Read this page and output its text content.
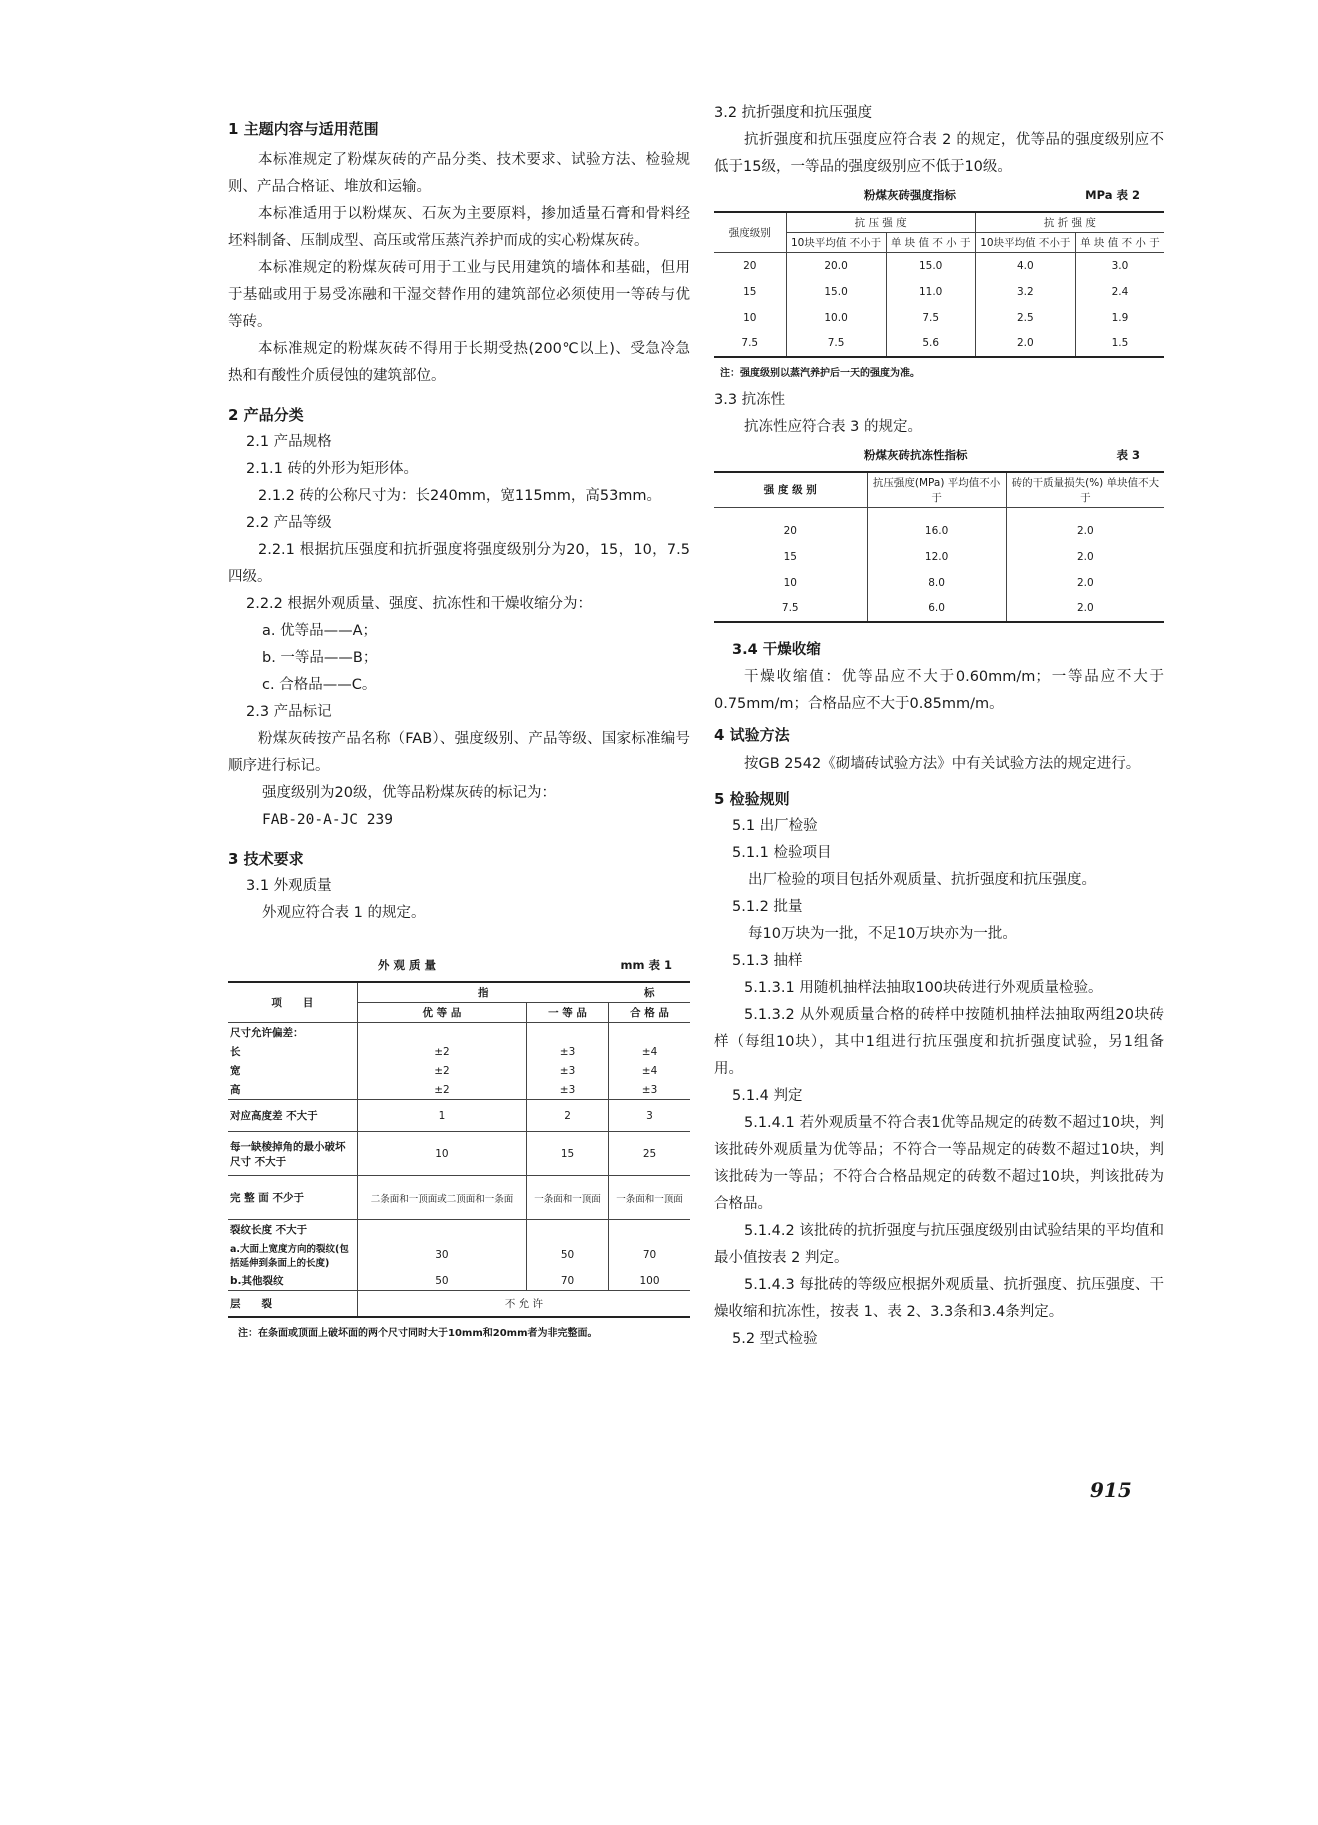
1 主题内容与适用范围

本标准规定了粉煤灰砖的产品分类、技术要求、试验方法、检验规则、产品合格证、堆放和运输。

本标准适用于以粉煤灰、石灰为主要原料，掺加适量石膏和骨料经坯料制备、压制成型、高压或常压蒸汽养护而成的实心粉煤灰砖。

本标准规定的粉煤灰砖可用于工业与民用建筑的墙体和基础，但用于基础或用于易受冻融和干湿交替作用的建筑部位必须使用一等砖与优等砖。

本标准规定的粉煤灰砖不得用于长期受热(200℃以上)、受急冷急热和有酸性介质侵蚀的建筑部位。

2 产品分类

2.1 产品规格

2.1.1 砖的外形为矩形体。

2.1.2 砖的公称尺寸为：长240mm，宽115mm，高53mm。

2.2 产品等级

2.2.1 根据抗压强度和抗折强度将强度级别分为20，15，10，7.5四级。

2.2.2 根据外观质量、强度、抗冻性和干燥收缩分为：

a. 优等品——A；

b. 一等品——B；

c. 合格品——C。

2.3 产品标记

粉煤灰砖按产品名称（FAB）、强度级别、产品等级、国家标准编号顺序进行标记。

强度级别为20级，优等品粉煤灰砖的标记为：

FAB-20-A-JC 239

3 技术要求

3.1 外观质量

外观应符合表 1 的规定。

外 观 质 量	mm 表 1
项　　目	指		标
	优 等 品	一 等 品	合 格 品
尺寸允许偏差：			
长	±2	±3	±4
宽	±2	±3	±4
高	±2	±3	±3
对应高度差 不大于	1	2	3
每一缺棱掉角的最小破坏尺寸 不大于	10	15	25
完 整 面 不少于	二条面和一顶面或二顶面和一条面	一条面和一顶面	一条面和一顶面
裂纹长度 不大于			
a.大面上宽度方向的裂纹(包括延伸到条面上的长度)	30	50	70
b.其他裂纹	50	70	100
层　　裂	不 允 许		

注：在条面或顶面上破坏面的两个尺寸同时大于10mm和20mm者为非完整面。

3.2 抗折强度和抗压强度

抗折强度和抗压强度应符合表 2 的规定，优等品的强度级别应不低于15级，一等品的强度级别应不低于10级。

粉煤灰砖强度指标	MPa 表 2
强度级别	抗 压 强 度		抗 折 强 度	
	10块平均值 不小于	单 块 值 不 小 于	10块平均值 不小于	单 块 值 不 小 于
20	20.0	15.0	4.0	3.0
15	15.0	11.0	3.2	2.4
10	10.0	7.5	2.5	1.9
7.5	7.5	5.6	2.0	1.5

注：强度级别以蒸汽养护后一天的强度为准。

3.3 抗冻性

抗冻性应符合表 3 的规定。

粉煤灰砖抗冻性指标	表 3
强 度 级 别	抗压强度(MPa) 平均值不小于	砖的干质量损失(%) 单块值不大于

20	16.0	2.0
15	12.0	2.0
10	8.0	2.0
7.5	6.0	2.0

3.4 干燥收缩

干燥收缩值：优等品应不大于0.60mm/m；一等品应不大于0.75mm/m；合格品应不大于0.85mm/m。

4 试验方法

按GB 2542《砌墙砖试验方法》中有关试验方法的规定进行。

5 检验规则

5.1 出厂检验

5.1.1 检验项目

出厂检验的项目包括外观质量、抗折强度和抗压强度。

5.1.2 批量

每10万块为一批，不足10万块亦为一批。

5.1.3 抽样

5.1.3.1 用随机抽样法抽取100块砖进行外观质量检验。

5.1.3.2 从外观质量合格的砖样中按随机抽样法抽取两组20块砖样（每组10块），其中1组进行抗压强度和抗折强度试验，另1组备用。

5.1.4 判定

5.1.4.1 若外观质量不符合表1优等品规定的砖数不超过10块，判该批砖外观质量为优等品；不符合一等品规定的砖数不超过10块，判该批砖为一等品；不符合合格品规定的砖数不超过10块，判该批砖为合格品。

5.1.4.2 该批砖的抗折强度与抗压强度级别由试验结果的平均值和最小值按表 2 判定。

5.1.4.3 每批砖的等级应根据外观质量、抗折强度、抗压强度、干燥收缩和抗冻性，按表 1、表 2、3.3条和3.4条判定。

5.2 型式检验

915
